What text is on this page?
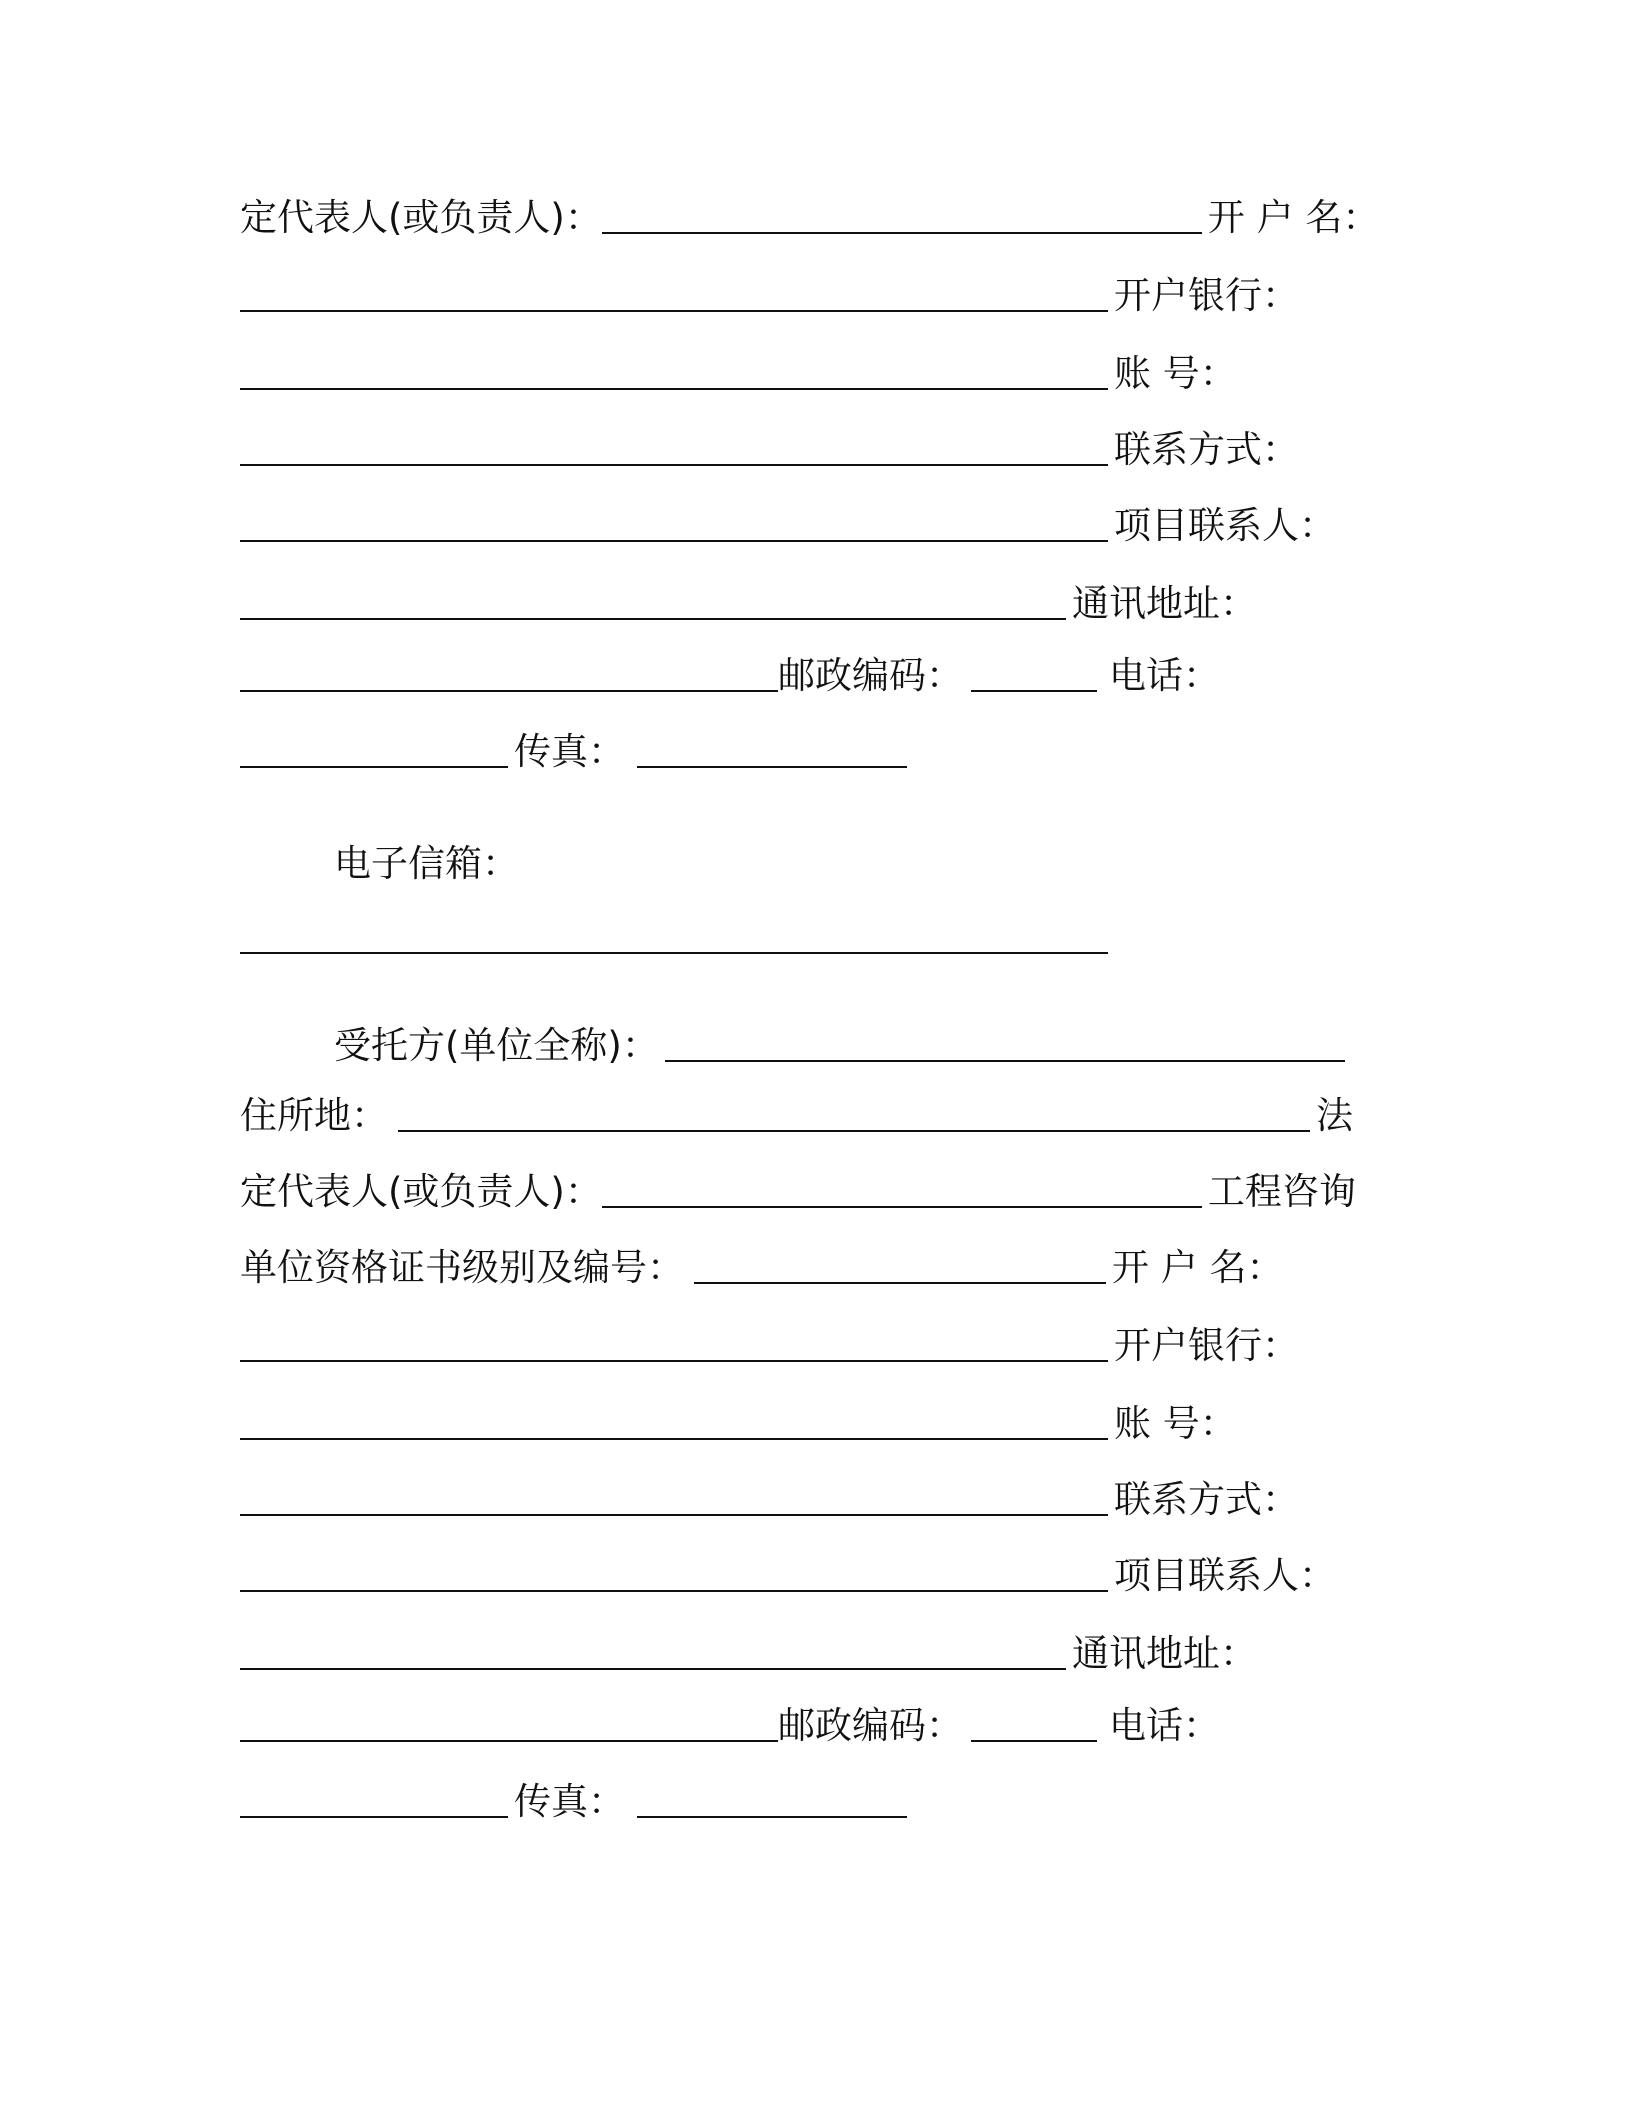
定代表人(或负责人)：	开 户 名：
开户银行：
账 号：
联系方式：
项目联系人：
通讯地址：
邮政编码：	电话：
传真：
电子信箱：
受托方(单位全称)：
住所地：	法
定代表人(或负责人)：	工程咨询
单位资格证书级别及编号：	开 户 名：
开户银行：
账 号：
联系方式：
项目联系人：
通讯地址：
邮政编码：	电话：
传真：
